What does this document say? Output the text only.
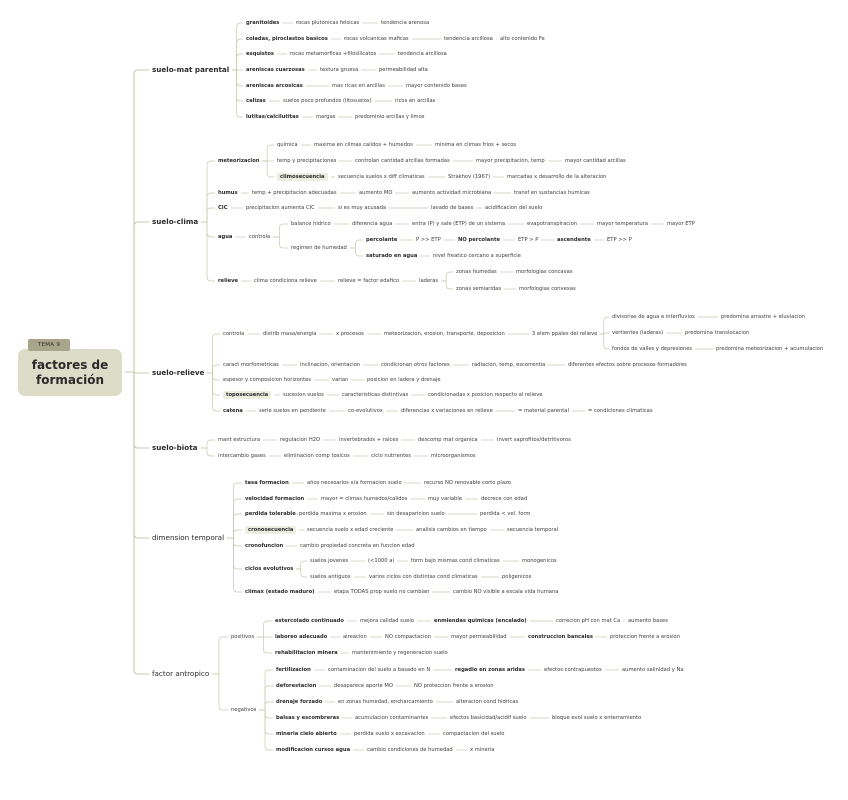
factores de
formación
TEMA 9
suelo-mat parental
granitoides	rocas plutonicas felsicas	tendencia arenosa
coladas, piroclastos basicos	rocas volcanicas maficas	tendencia arcillosa alto contenido Fe
esquistos	rocas metamorficas +filosilicatos	tendencia arcillosa
areniscas cuarzosas	textura gruesa	permeabilidad alta
areniscas arcosicas	mas ricas en arcillas	mayor contenido bases
calizas	suelos poco profundos (litosuelos)	ricos en arcillas
lutitas/calcilutitas	margas	predominio arcillas y limos
suelo-clima
meteorizacion
quimica	maxima en climas calidos + humedos	minima en climas frios + secos
temp y precipitaciones	controlan cantidad arcillas formadas	mayor precipitacion, temp	mayor cantidad arcillas
climosecuencia	secuencia suelos x diff climaticas	Strakhov (1967)	marcadas x desarrollo de la alteracion
humus	temp + precipitacion adecuadas	aumento MO	aumento actividad microbiana	transf en sustancias humicas
CIC	precipitacion aumenta CIC	si es muy acusada	lavado de bases acidificacion del suelo
agua	controla
balance hidrico	diferencia agua	entra (P) y sale (ETP) de un sistema	evapotranspiracion	mayor temperatura	mayor ETP
regimen de humedad
percolante	P >> ETP	NO percolante	ETP > P	ascendente	ETP >> P
saturado en agua	nivel freatico cercano a superficie
relieve	clima condiciona relieve	relieve = factor edafico	laderas
zonas humedas	morfologias concavas
zonas semiaridas	morfologias convexas
suelo-relieve
controla	distrib masa/energia	x procesos	meteorizacion, erosion, transporte, deposicion	3 elem ppales del relieve
divisorias de agua e interfluvios	predomina arrastre + eluviacion
vertientes (laderas)	predomina translocacion
fondos de valles y depresiones	predomina meteorizacion + acumulacion
caract morfometricas	inclinacion, orientacion	condicionan otros factores	radiacion, temp, escorrentia	diferentes efectos sobre procesos formadores
espesor y composicion horizontes	varian	posicion en ladera y drenaje
toposecuencia	sucesion suelos	caracteristicas distintivas	condicionadas x posicion respecto al relieve
catena	serie suelos en pendiente	co-evolutivos	diferencias x variaciones en relieve	= material parental	= condiciones climaticas
suelo-biota
mant estructura	regulacion H2O	invertebrados + raices	descomp mat organica	invert saprofitos/detritivoros
intercambio gases	eliminacion comp toxicos	ciclo nutrientes	microorganismos
dimension temporal
tasa formacion	años necesarios x/a formacion suelo	recurso NO renovable corto plazo
velocidad formacion	mayor = climas humedos/calidos	muy variable	decrece con edad
perdida tolerable perdida maxima x erosion	sin desaparicion suelo	perdida < vel. form
cronosecuencia	secuencia suelo x edad creciente	analisis cambios en tiempo	secuencia temporal
cronofuncion	cambio propiedad concreta en funcion edad
ciclos evolutivos
suelos jovenes	(<1000 a)	form bajo mismas cond climaticas	monogenicos
suelos antiguos	varios ciclos con distintas cond climaticas	poligenicos
climax (estado maduro)	etapa TODAS prop suelo no cambian	cambio NO visible a escala vida humana
factor antropico
positivos
estercolado continuado	mejora calidad suelo	enmiendas quimicas (encalado)	correcion pH con mat Ca aumento bases
laboreo adecuado	aireacion	NO compactacion	mayor permeabilidad	construccion bancales	proteccion frente a erosion
rehabilitacion minera	mantenimiento y regeneracion suelo
negativos
fertilizacion	contaminacion del suelo a basado en N	regadio en zonas aridas	efectos contrapuestos	aumento salinidad y Na
deforestacion	desaparece aporte MO	NO proteccion frente a erosion
drenaje forzado	en zonas humedad, encharcamiento	alteracion cond hidricas
balsas y escombreras	acumulacion contaminantes	efectos basicidad/acidif suelo	bloque evol suelo x enterramiento
mineria cielo abierto	perdida suelo x excavacion	compactacion del suelo
modificacion cursos agua	cambio condiciones de humedad	x mineria
